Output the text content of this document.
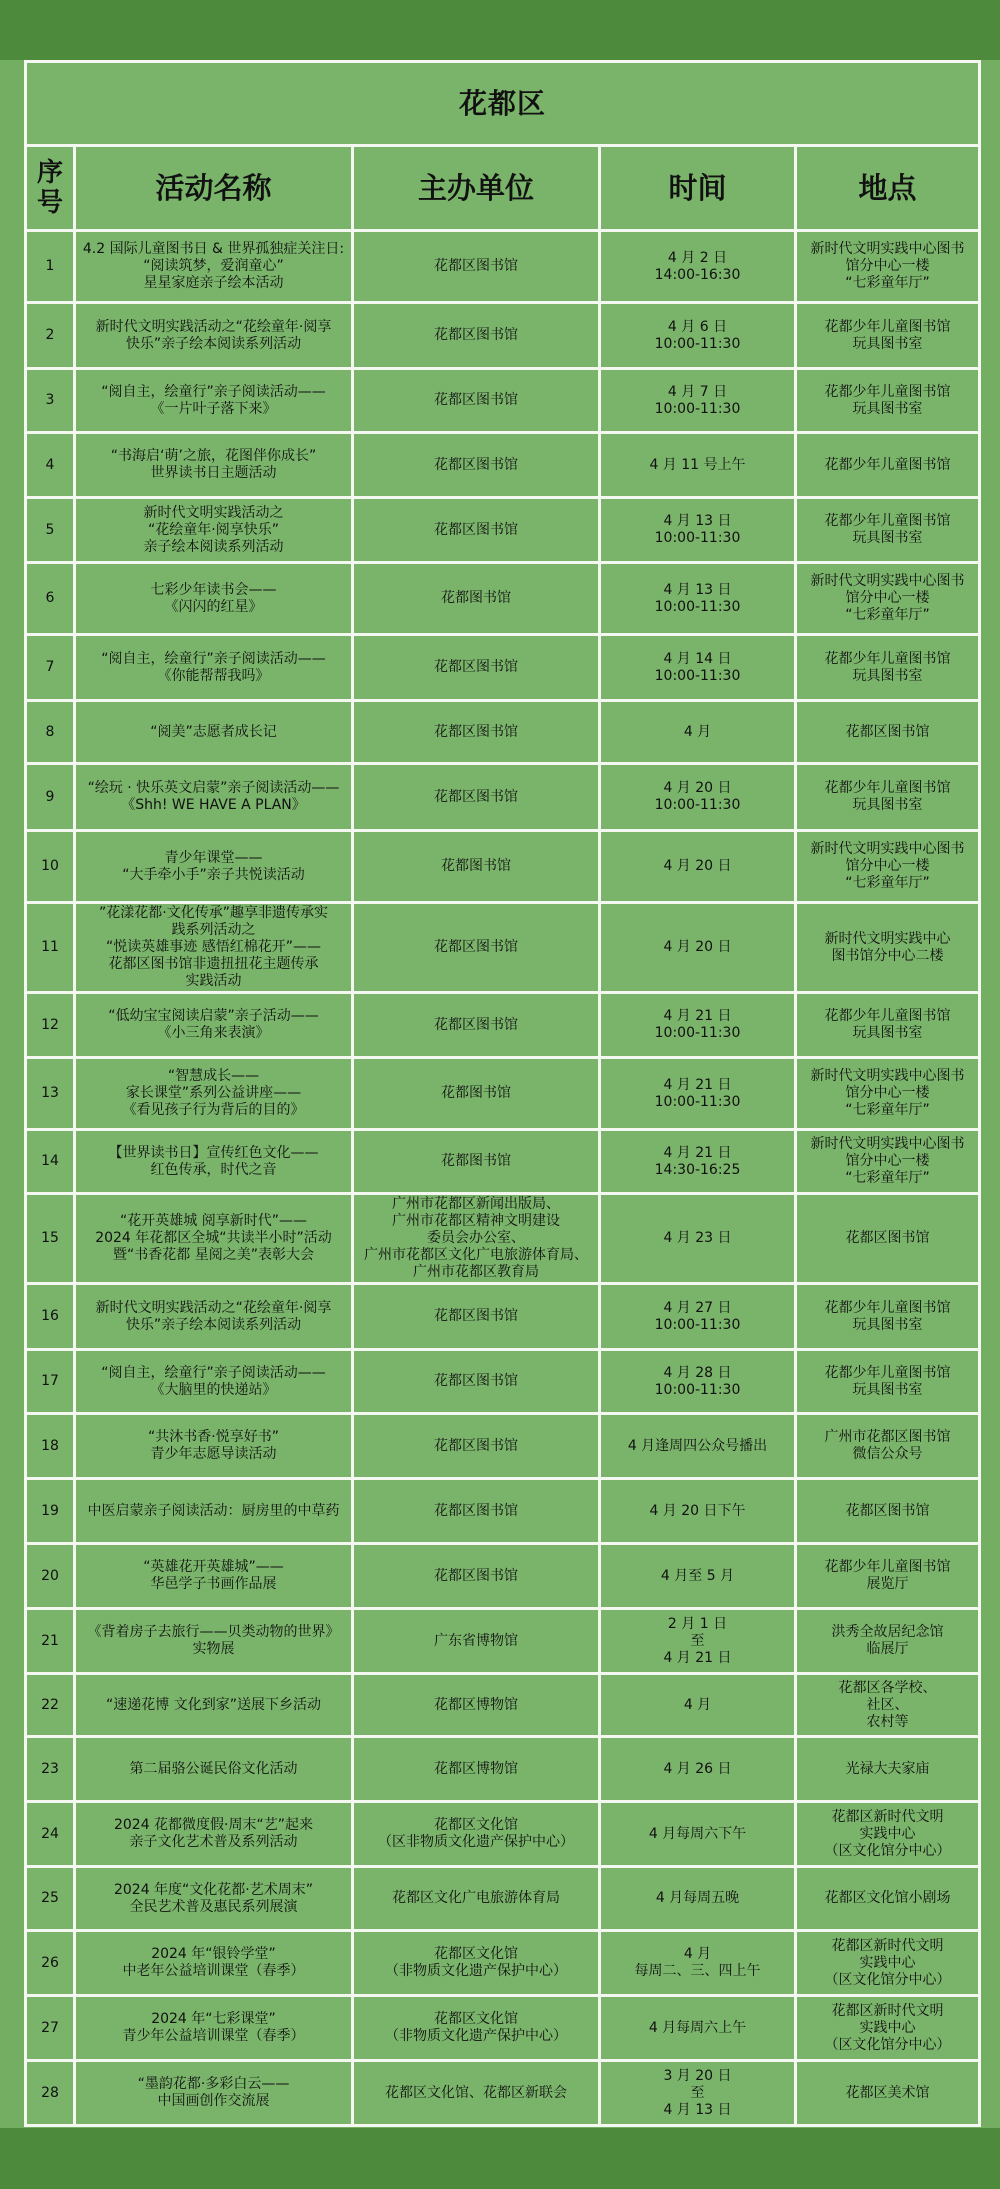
花都区				
序
号	活动名称	主办单位	时间	地点
1	4.2 国际儿童图书日 & 世界孤独症关注日:
“阅读筑梦，爱润童心”
星星家庭亲子绘本活动	花都区图书馆	4 月 2 日
14:00-16:30	新时代文明实践中心图书
馆分中心一楼
“七彩童年厅”
2	新时代文明实践活动之“花绘童年·阅享
快乐”亲子绘本阅读系列活动	花都区图书馆	4 月 6 日
10:00-11:30	花都少年儿童图书馆
玩具图书室
3	“阅自主，绘童行”亲子阅读活动——
《一片叶子落下来》	花都区图书馆	4 月 7 日
10:00-11:30	花都少年儿童图书馆
玩具图书室
4	“书海启‘萌’之旅，花图伴你成长”
世界读书日主题活动	花都区图书馆	4 月 11 号上午	花都少年儿童图书馆
5	新时代文明实践活动之
“花绘童年·阅享快乐”
亲子绘本阅读系列活动	花都区图书馆	4 月 13 日
10:00-11:30	花都少年儿童图书馆
玩具图书室
6	七彩少年读书会——
《闪闪的红星》	花都图书馆	4 月 13 日
10:00-11:30	新时代文明实践中心图书
馆分中心一楼
“七彩童年厅”
7	“阅自主，绘童行”亲子阅读活动——
《你能帮帮我吗》	花都区图书馆	4 月 14 日
10:00-11:30	花都少年儿童图书馆
玩具图书室
8	“阅美”志愿者成长记	花都区图书馆	4 月	花都区图书馆
9	“绘玩 · 快乐英文启蒙”亲子阅读活动——
《Shh! WE HAVE A PLAN》	花都区图书馆	4 月 20 日
10:00-11:30	花都少年儿童图书馆
玩具图书室
10	青少年课堂——
“大手牵小手”亲子共悦读活动	花都图书馆	4 月 20 日	新时代文明实践中心图书
馆分中心一楼
“七彩童年厅”
11	”花漾花都·文化传承”趣享非遗传承实
践系列活动之
“悦读英雄事迹 感悟红棉花开”——
花都区图书馆非遗扭扭花主题传承
实践活动	花都区图书馆	4 月 20 日	新时代文明实践中心
图书馆分中心二楼
12	“低幼宝宝阅读启蒙”亲子活动——
《小三角来表演》	花都区图书馆	4 月 21 日
10:00-11:30	花都少年儿童图书馆
玩具图书室
13	“智慧成长——
家长课堂”系列公益讲座——
《看见孩子行为背后的目的》	花都图书馆	4 月 21 日
10:00-11:30	新时代文明实践中心图书
馆分中心一楼
“七彩童年厅”
14	【世界读书日】宣传红色文化——
红色传承，时代之音	花都图书馆	4 月 21 日
14:30-16:25	新时代文明实践中心图书
馆分中心一楼
“七彩童年厅”
15	“花开英雄城 阅享新时代”——
2024 年花都区全城“共读半小时”活动
暨“书香花都 星阅之美”表彰大会	广州市花都区新闻出版局、
广州市花都区精神文明建设
委员会办公室、
广州市花都区文化广电旅游体育局、
广州市花都区教育局	4 月 23 日	花都区图书馆
16	新时代文明实践活动之“花绘童年·阅享
快乐”亲子绘本阅读系列活动	花都区图书馆	4 月 27 日
10:00-11:30	花都少年儿童图书馆
玩具图书室
17	“阅自主，绘童行”亲子阅读活动——
《大脑里的快递站》	花都区图书馆	4 月 28 日
10:00-11:30	花都少年儿童图书馆
玩具图书室
18	“共沐书香·悦享好书”
青少年志愿导读活动	花都区图书馆	4 月逢周四公众号播出	广州市花都区图书馆
微信公众号
19	中医启蒙亲子阅读活动：厨房里的中草药	花都区图书馆	4 月 20 日下午	花都区图书馆
20	“英雄花开英雄城”——
华邑学子书画作品展	花都区图书馆	4 月至 5 月	花都少年儿童图书馆
展览厅
21	《背着房子去旅行——贝类动物的世界》
实物展	广东省博物馆	2 月 1 日
至
4 月 21 日	洪秀全故居纪念馆
临展厅
22	“速递花博 文化到家”送展下乡活动	花都区博物馆	4 月	花都区各学校、
社区、
农村等
23	第二届骆公诞民俗文化活动	花都区博物馆	4 月 26 日	光禄大夫家庙
24	2024 花都微度假·周末“艺”起来
亲子文化艺术普及系列活动	花都区文化馆
（区非物质文化遗产保护中心）	4 月每周六下午	花都区新时代文明
实践中心
（区文化馆分中心）
25	2024 年度“文化花都·艺术周末”
全民艺术普及惠民系列展演	花都区文化广电旅游体育局	4 月每周五晚	花都区文化馆小剧场
26	2024 年“银铃学堂”
中老年公益培训课堂（春季）	花都区文化馆
（非物质文化遗产保护中心）	4 月
每周二、三、四上午	花都区新时代文明
实践中心
（区文化馆分中心）
27	2024 年“七彩课堂”
青少年公益培训课堂（春季）	花都区文化馆
（非物质文化遗产保护中心）	4 月每周六上午	花都区新时代文明
实践中心
（区文化馆分中心）
28	“墨韵花都·多彩白云——
中国画创作交流展	花都区文化馆、花都区新联会	3 月 20 日
至
4 月 13 日	花都区美术馆
